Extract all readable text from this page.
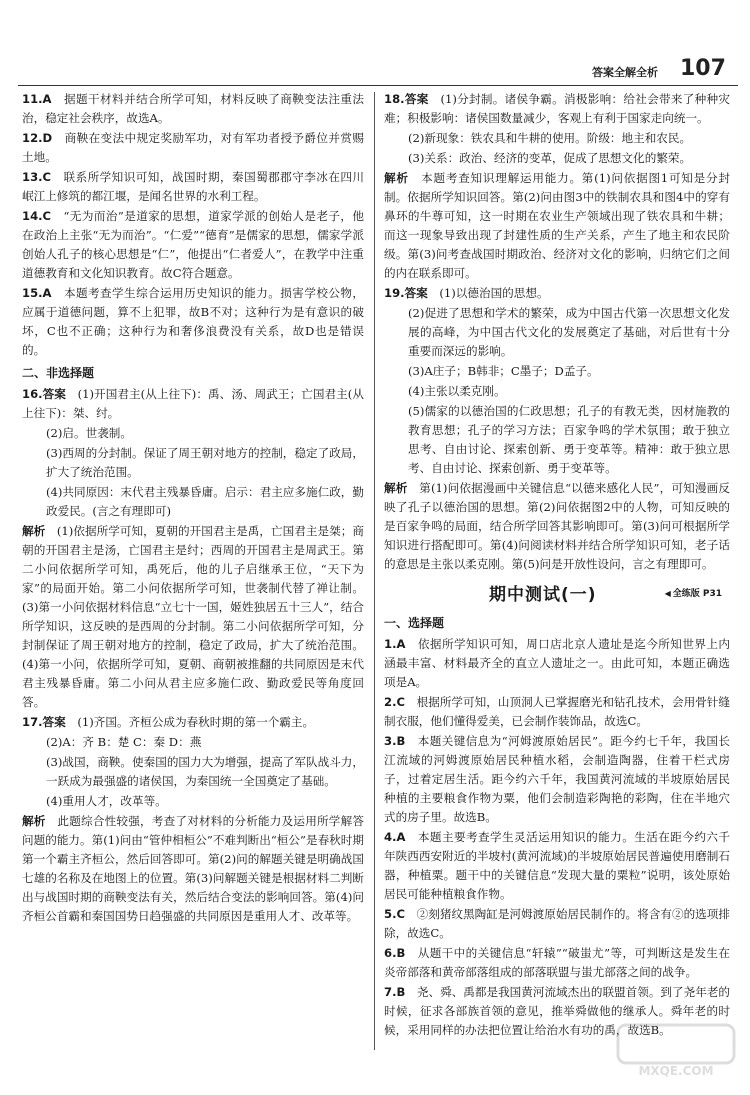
答案全解全析 107
11.A　 据题干材料并结合所学可知，材料反映了商鞅变法注重法治，稳定社会秩序，故选A。
12.D　 商鞅在变法中规定奖励军功，对有军功者授予爵位并赏赐土地。
13.C　 联系所学知识可知，战国时期，秦国蜀郡郡守李冰在四川岷江上修筑的都江堰，是闻名世界的水利工程。
14.C　 “无为而治”是道家的思想，道家学派的创始人是老子，他在政治上主张“无为而治”。“仁爱”“德育”是儒家的思想，儒家学派创始人孔子的核心思想是“仁”，他提出“仁者爱人”，在教学中注重道德教育和文化知识教育。故C符合题意。
15.A　 本题考查学生综合运用历史知识的能力。损害学校公物，应属于道德问题，算不上犯罪，故B不对；这种行为是有意识的破坏，C也不正确；这种行为和奢侈浪费没有关系，故D也是错误的。
二、非选择题
16.答案　 (1)开国君主(从上往下)：禹、汤、周武王；亡国君主(从上往下)：桀、纣。
(2)启。世袭制。
(3)西周的分封制。保证了周王朝对地方的控制，稳定了政局，扩大了统治范围。
(4)共同原因：末代君主残暴昏庸。启示：君主应多施仁政，勤政爱民。(言之有理即可)
解析　 (1)依据所学可知，夏朝的开国君主是禹，亡国君主是桀；商朝的开国君主是汤，亡国君主是纣；西周的开国君主是周武王。第二小问依据所学可知，禹死后，他的儿子启继承王位，“天下为家”的局面开始。第二小问依据所学可知，世袭制代替了禅让制。(3)第一小问依据材料信息“立七十一国，姬姓独居五十三人”，结合所学知识，这反映的是西周的分封制。第二小问依据所学可知，分封制保证了周王朝对地方的控制，稳定了政局，扩大了统治范围。(4)第一小问，依据所学可知，夏朝、商朝被推翻的共同原因是末代君主残暴昏庸。第二小问从君主应多施仁政、勤政爱民等角度回答。
17.答案　 (1)齐国。齐桓公成为春秋时期的第一个霸主。
(2)A：齐 B：楚 C：秦 D：燕
(3)战国，商鞅。使秦国的国力大为增强，提高了军队战斗力，一跃成为最强盛的诸侯国，为秦国统一全国奠定了基础。
(4)重用人才，改革等。
解析　 此题综合性较强，考查了对材料的分析能力及运用所学解答问题的能力。第(1)问由“管仲相桓公”不难判断出“桓公”是春秋时期第一个霸主齐桓公，然后回答即可。第(2)问的解题关键是明确战国七雄的名称及在地图上的位置。第(3)问解题关键是根据材料二判断出与战国时期的商鞅变法有关，然后结合变法的影响回答。第(4)问齐桓公首霸和秦国国势日趋强盛的共同原因是重用人才、改革等。
18.答案　 (1)分封制。诸侯争霸。消极影响：给社会带来了种种灾难；积极影响：诸侯国数量减少，客观上有利于国家走向统一。
(2)新现象：铁农具和牛耕的使用。阶级：地主和农民。
(3)关系：政治、经济的变革，促成了思想文化的繁荣。
解析　 本题考查知识理解运用能力。第(1)问依据图1可知是分封制。依据所学知识回答。第(2)问由图3中的铁制农具和图4中的穿有鼻环的牛尊可知，这一时期在农业生产领域出现了铁农具和牛耕；而这一现象导致出现了封建性质的生产关系，产生了地主和农民阶级。第(3)问考查战国时期政治、经济对文化的影响，归纳它们之间的内在联系即可。
19.答案　 (1)以德治国的思想。
(2)促进了思想和学术的繁荣，成为中国古代第一次思想文化发展的高峰，为中国古代文化的发展奠定了基础，对后世有十分重要而深远的影响。
(3)A庄子；B韩非；C墨子；D孟子。
(4)主张以柔克刚。
(5)儒家的以德治国的仁政思想；孔子的有教无类，因材施教的教育思想；孔子的学习方法；百家争鸣的学术氛围；敢于独立思考、自由讨论、探索创新、勇于变革等。精神：敢于独立思考、自由讨论、探索创新、勇于变革等。
解析　 第(1)问依据漫画中关键信息“以德来感化人民”，可知漫画反映了孔子以德治国的思想。第(2)问依据图2中的人物，可知反映的是百家争鸣的局面，结合所学回答其影响即可。第(3)问可根据所学知识进行搭配即可。第(4)问阅读材料并结合所学知识可知，老子话的意思是主张以柔克刚。第(5)问是开放性设问，言之有理即可。
期中测试(一)
◀	全练版 P31
一、选择题
1.A　 依据所学知识可知，周口店北京人遗址是迄今所知世界上内涵最丰富、材料最齐全的直立人遗址之一。由此可知，本题正确选项是A。
2.C　 根据所学可知，山顶洞人已掌握磨光和钻孔技术，会用骨针缝制衣服，他们懂得爱美，已会制作装饰品，故选C。
3.B　 本题关键信息为“河姆渡原始居民”。距今约七千年，我国长江流域的河姆渡原始居民种植水稻，会制造陶器，住着干栏式房子，过着定居生活。距今约六千年，我国黄河流域的半坡原始居民种植的主要粮食作物为粟，他们会制造彩陶艳的彩陶，住在半地穴式的房子里。故选B。
4.A　 本题主要考查学生灵活运用知识的能力。生活在距今约六千年陕西西安附近的半坡村(黄河流域)的半坡原始居民普遍使用磨制石器，种植粟。题干中的关键信息“发现大量的粟粒”说明，该处原始居民可能种植粮食作物。
5.C　 ②刻猪纹黑陶缸是河姆渡原始居民制作的。将含有②的选项排除，故选C。
6.B　 从题干中的关键信息“轩辕”“破蚩尤”等，可判断这是发生在炎帝部落和黄帝部落组成的部落联盟与蚩尤部落之间的战争。
7.B　 尧、舜、禹都是我国黄河流域杰出的联盟首领。到了尧年老的时候，征求各部族首领的意见，推举舜做他的继承人。舜年老的时候，采用同样的办法把位置让给治水有功的禹，故选B。
MXQE.COM
